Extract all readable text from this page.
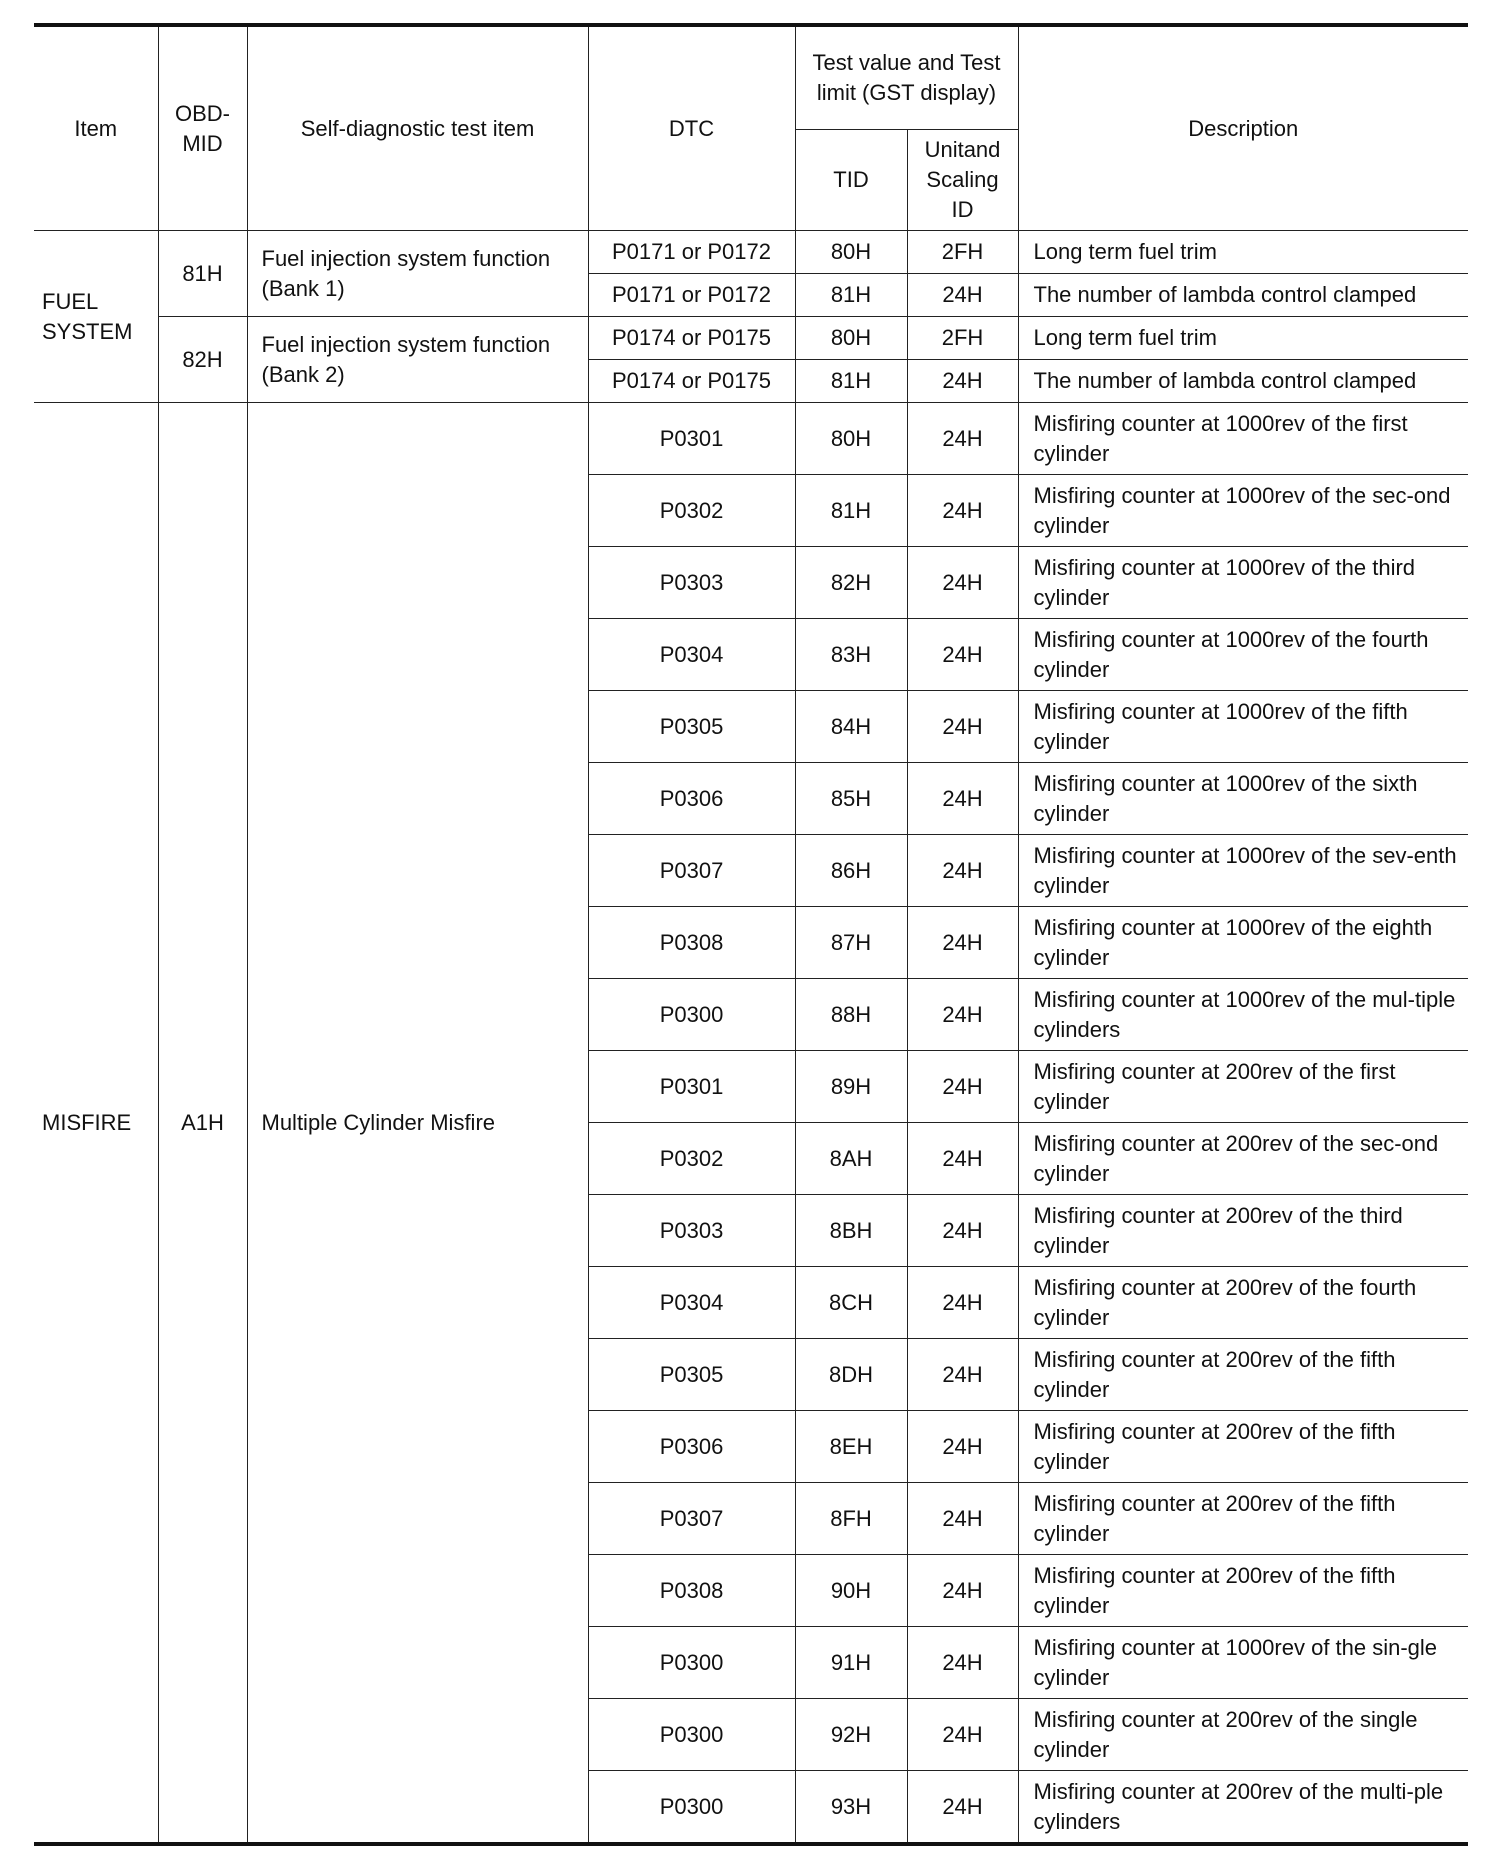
Item	OBD-MID	Self-diagnostic test item	DTC	Test value and Test limit (GST display)		Description
				TID	Unitand Scaling ID	
FUEL SYSTEM	81H	Fuel injection system function (Bank 1)	P0171 or P0172	80H	2FH	Long term fuel trim
			P0171 or P0172	81H	24H	The number of lambda control clamped
	82H	Fuel injection system function (Bank 2)	P0174 or P0175	80H	2FH	Long term fuel trim
			P0174 or P0175	81H	24H	The number of lambda control clamped
MISFIRE	A1H	Multiple Cylinder Misfire	P0301	80H	24H	Misfiring counter at 1000rev of the first cylinder
			P0302	81H	24H	Misfiring counter at 1000rev of the sec-ond cylinder
			P0303	82H	24H	Misfiring counter at 1000rev of the third cylinder
			P0304	83H	24H	Misfiring counter at 1000rev of the fourth cylinder
			P0305	84H	24H	Misfiring counter at 1000rev of the fifth cylinder
			P0306	85H	24H	Misfiring counter at 1000rev of the sixth cylinder
			P0307	86H	24H	Misfiring counter at 1000rev of the sev-enth cylinder
			P0308	87H	24H	Misfiring counter at 1000rev of the eighth cylinder
			P0300	88H	24H	Misfiring counter at 1000rev of the mul-tiple cylinders
			P0301	89H	24H	Misfiring counter at 200rev of the first cylinder
			P0302	8AH	24H	Misfiring counter at 200rev of the sec-ond cylinder
			P0303	8BH	24H	Misfiring counter at 200rev of the third cylinder
			P0304	8CH	24H	Misfiring counter at 200rev of the fourth cylinder
			P0305	8DH	24H	Misfiring counter at 200rev of the fifth cylinder
			P0306	8EH	24H	Misfiring counter at 200rev of the fifth cylinder
			P0307	8FH	24H	Misfiring counter at 200rev of the fifth cylinder
			P0308	90H	24H	Misfiring counter at 200rev of the fifth cylinder
			P0300	91H	24H	Misfiring counter at 1000rev of the sin-gle cylinder
			P0300	92H	24H	Misfiring counter at 200rev of the single cylinder
			P0300	93H	24H	Misfiring counter at 200rev of the multi-ple cylinders
